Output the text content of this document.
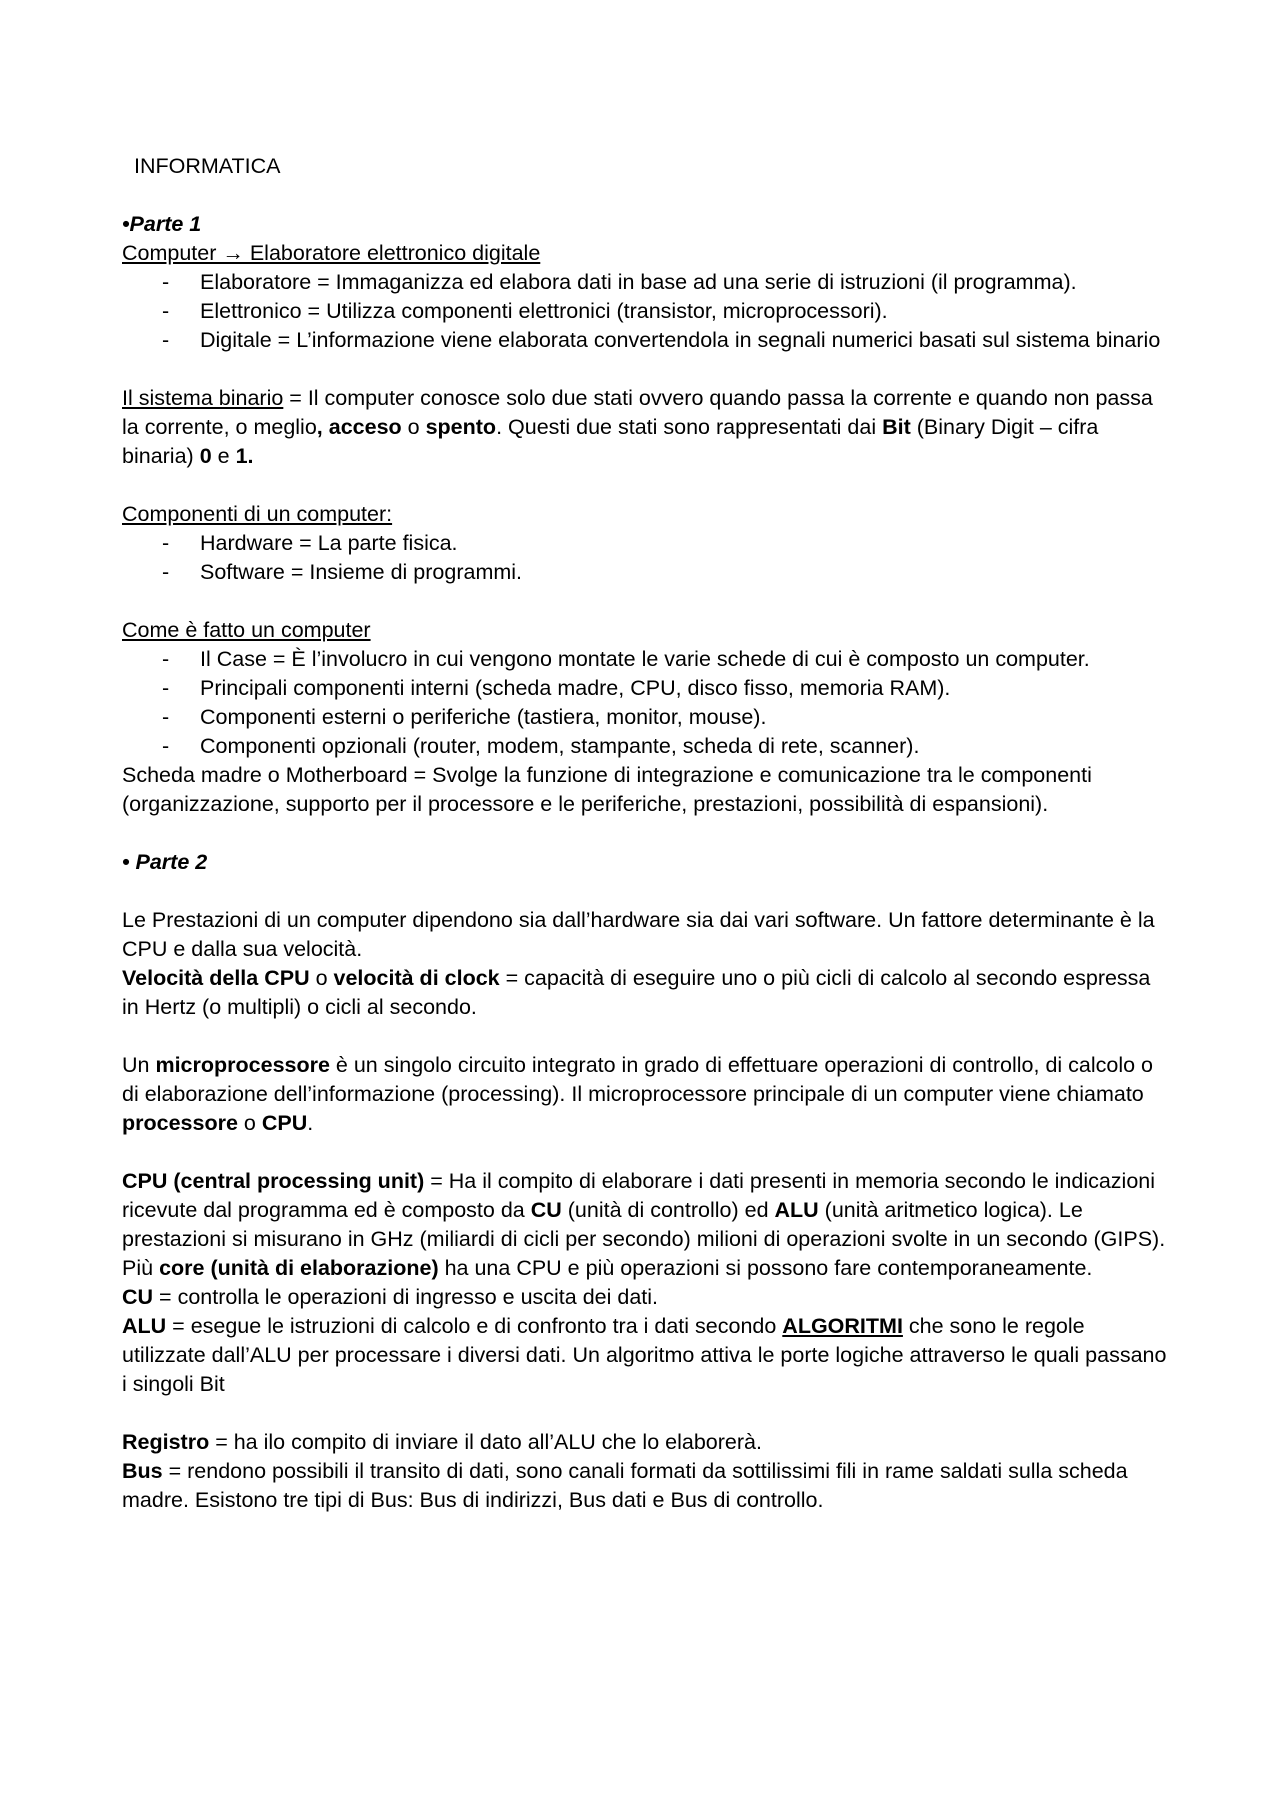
INFORMATICA

•Parte 1

Computer → Elaboratore elettronico digitale

- Elaboratore = Immaganizza ed elabora dati in base ad una serie di istruzioni (il programma).
- Elettronico = Utilizza componenti elettronici (transistor, microprocessori).
- Digitale = L’informazione viene elaborata convertendola in segnali numerici basati sul sistema binario

Il sistema binario = Il computer conosce solo due stati ovvero quando passa la corrente e quando non passa la corrente, o meglio, acceso o spento. Questi due stati sono rappresentati dai Bit (Binary Digit – cifra binaria) 0 e 1.

Componenti di un computer:

- Hardware = La parte fisica.
- Software = Insieme di programmi.

Come è fatto un computer

- Il Case = È l’involucro in cui vengono montate le varie schede di cui è composto un computer.
- Principali componenti interni (scheda madre, CPU, disco fisso, memoria RAM).
- Componenti esterni o periferiche (tastiera, monitor, mouse).
- Componenti opzionali (router, modem, stampante, scheda di rete, scanner).

Scheda madre o Motherboard = Svolge la funzione di integrazione e comunicazione tra le componenti (organizzazione, supporto per il processore e le periferiche, prestazioni, possibilità di espansioni).

• Parte 2

Le Prestazioni di un computer dipendono sia dall’hardware sia dai vari software. Un fattore determinante è la CPU e dalla sua velocità.

Velocità della CPU o velocità di clock = capacità di eseguire uno o più cicli di calcolo al secondo espressa in Hertz (o multipli) o cicli al secondo.

Un microprocessore è un singolo circuito integrato in grado di effettuare operazioni di controllo, di calcolo o di elaborazione dell’informazione (processing). Il microprocessore principale di un computer viene chiamato processore o CPU.

CPU (central processing unit) = Ha il compito di elaborare i dati presenti in memoria secondo le indicazioni ricevute dal programma ed è composto da CU (unità di controllo) ed ALU (unità aritmetico logica). Le prestazioni si misurano in GHz (miliardi di cicli per secondo) milioni di operazioni svolte in un secondo (GIPS).

Più core (unità di elaborazione) ha una CPU e più operazioni si possono fare contemporaneamente.

CU = controlla le operazioni di ingresso e uscita dei dati.

ALU = esegue le istruzioni di calcolo e di confronto tra i dati secondo ALGORITMI che sono le regole utilizzate dall’ALU per processare i diversi dati. Un algoritmo attiva le porte logiche attraverso le quali passano i singoli Bit

Registro = ha ilo compito di inviare il dato all’ALU che lo elaborerà.

Bus = rendono possibili il transito di dati, sono canali formati da sottilissimi fili in rame saldati sulla scheda madre. Esistono tre tipi di Bus: Bus di indirizzi, Bus dati e Bus di controllo.
